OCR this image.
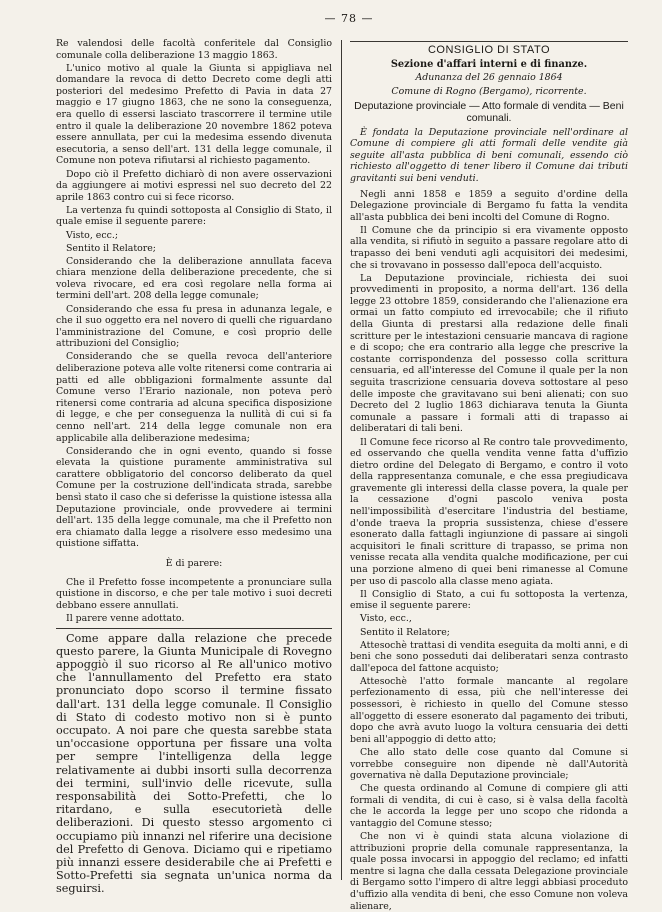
— 78 —

Re valendosi delle facoltà conferitele dal Consiglio comunale colla deliberazione 13 maggio 1863.

L'unico motivo al quale la Giunta si appigliava nel domandare la revoca di detto Decreto come degli atti posteriori del medesimo Prefetto di Pavia in data 27 maggio e 17 giugno 1863, che ne sono la conseguenza, era quello di essersi lasciato trascorrere il termine utile entro il quale la deliberazione 20 novembre 1862 poteva essere annullata, per cui la medesima essendo divenuta esecutoria, a senso dell'art. 131 della legge comunale, il Comune non poteva rifiutarsi al richiesto pagamento.

Dopo ciò il Prefetto dichiarò di non avere osservazioni da aggiungere ai motivi espressi nel suo decreto del 22 aprile 1863 contro cui si fece ricorso.

La vertenza fu quindi sottoposta al Consiglio di Stato, il quale emise il seguente parere:

Visto, ecc.;

Sentito il Relatore;

Considerando che la deliberazione annullata faceva chiara menzione della deliberazione precedente, che si voleva rivocare, ed era così regolare nella forma ai termini dell'art. 208 della legge comunale;

Considerando che essa fu presa in adunanza legale, e che il suo oggetto era nel novero di quelli che riguardano l'amministrazione del Comune, e così proprio delle attribuzioni del Consiglio;

Considerando che se quella revoca dell'anteriore deliberazione poteva alle volte ritenersi come contraria ai patti ed alle obbligazioni formalmente assunte dal Comune verso l'Erario nazionale, non poteva però ritenersi come contraria ad alcuna specifica disposizione di legge, e che per conseguenza la nullità di cui si fa cenno nell'art. 214 della legge comunale non era applicabile alla deliberazione medesima;

Considerando che in ogni evento, quando si fosse elevata la quistione puramente amministrativa sul carattere obbligatorio del concorso deliberato da quel Comune per la costruzione dell'indicata strada, sarebbe bensì stato il caso che si deferisse la quistione istessa alla Deputazione provinciale, onde provvedere ai termini dell'art. 135 della legge comunale, ma che il Prefetto non era chiamato dalla legge a risolvere esso medesimo una quistione siffatta.

È di parere:

Che il Prefetto fosse incompetente a pronunciare sulla quistione in discorso, e che per tale motivo i suoi decreti debbano essere annullati.

Il parere venne adottato.

Come appare dalla relazione che precede questo parere, la Giunta Municipale di Rovegno appoggiò il suo ricorso al Re all'unico motivo che l'annullamento del Prefetto era stato pronunciato dopo scorso il termine fissato dall'art. 131 della legge comunale. Il Consiglio di Stato di codesto motivo non si è punto occupato. A noi pare che questa sarebbe stata un'occasione opportuna per fissare una volta per sempre l'intelligenza della legge relativamente ai dubbi insorti sulla decorrenza dei termini, sull'invio delle ricevute, sulla responsabilità dei Sotto-Prefetti, che lo ritardano, e sulla esecutorietà delle deliberazioni. Di questo stesso argomento ci occupiamo più innanzi nel riferire una decisione del Prefetto di Genova. Diciamo qui e ripetiamo più innanzi essere desiderabile che ai Prefetti e Sotto-Prefetti sia segnata un'unica norma da seguirsi.

CONSIGLIO DI STATO
Sezione d'affari interni e di finanze.
Adunanza del 26 gennaio 1864
Comune di Rogno (Bergamo), ricorrente.
Deputazione provinciale — Atto formale di vendita — Beni comunali.

È fondata la Deputazione provinciale nell'ordinare al Comune di compiere gli atti formali delle vendite già seguite all'asta pubblica di beni comunali, essendo ciò richiesto all'oggetto di tener libero il Comune dai tributi gravitanti sui beni venduti.

Negli anni 1858 e 1859 a seguito d'ordine della Delegazione provinciale di Bergamo fu fatta la vendita all'asta pubblica dei beni incolti del Comune di Rogno.

Il Comune che da principio si era vivamente opposto alla vendita, si rifiutò in seguito a passare regolare atto di trapasso dei beni venduti agli acquisitori dei medesimi, che si trovavano in possesso dall'epoca dell'acquisto.

La Deputazione provinciale, richiesta dei suoi provvedimenti in proposito, a norma dell'art. 136 della legge 23 ottobre 1859, considerando che l'alienazione era ormai un fatto compiuto ed irrevocabile; che il rifiuto della Giunta di prestarsi alla redazione delle finali scritture per le intestazioni censuarie mancava di ragione e di scopo; che era contrario alla legge che prescrive la costante corrispondenza del possesso colla scrittura censuaria, ed all'interesse del Comune il quale per la non seguita trascrizione censuaria doveva sottostare al peso delle imposte che gravitavano sui beni alienati; con suo Decreto del 2 luglio 1863 dichiarava tenuta la Giunta comunale a passare i formali atti di trapasso ai deliberatari di tali beni.

Il Comune fece ricorso al Re contro tale provvedimento, ed osservando che quella vendita venne fatta d'uffizio dietro ordine del Delegato di Bergamo, e contro il voto della rappresentanza comunale, e che essa pregiudicava gravemente gli interessi della classe povera, la quale per la cessazione d'ogni pascolo veniva posta nell'impossibilità d'esercitare l'industria del bestiame, d'onde traeva la propria sussistenza, chiese d'essere esonerato dalla fattagli ingiunzione di passare ai singoli acquisitori le finali scritture di trapasso, se prima non venisse recata alla vendita qualche modificazione, per cui una porzione almeno di quei beni rimanesse al Comune per uso di pascolo alla classe meno agiata.

Il Consiglio di Stato, a cui fu sottoposta la vertenza, emise il seguente parere:

Visto, ecc.,

Sentito il Relatore;

Attesochè trattasi di vendita eseguita da molti anni, e di beni che sono posseduti dai deliberatari senza contrasto dall'epoca del fattone acquisto;

Attesochè l'atto formale mancante al regolare perfezionamento di essa, più che nell'interesse dei possessori, è richiesto in quello del Comune stesso all'oggetto di essere esonerato dal pagamento dei tributi, dopo che avrà avuto luogo la voltura censuaria dei detti beni all'appoggio di detto atto;

Che allo stato delle cose quanto dal Comune si vorrebbe conseguire non dipende nè dall'Autorità governativa nè dalla Deputazione provinciale;

Che questa ordinando al Comune di compiere gli atti formali di vendita, di cui è caso, si è valsa della facoltà che le accorda la legge per uno scopo che ridonda a vantaggio del Comune stesso;

Che non vi è quindi stata alcuna violazione di attribuzioni proprie della comunale rappresentanza, la quale possa invocarsi in appoggio del reclamo; ed infatti mentre si lagna che dalla cessata Delegazione provinciale di Bergamo sotto l'impero di altre leggi abbiasi proceduto d'uffizio alla vendita di beni, che esso Comune non voleva alienare,
